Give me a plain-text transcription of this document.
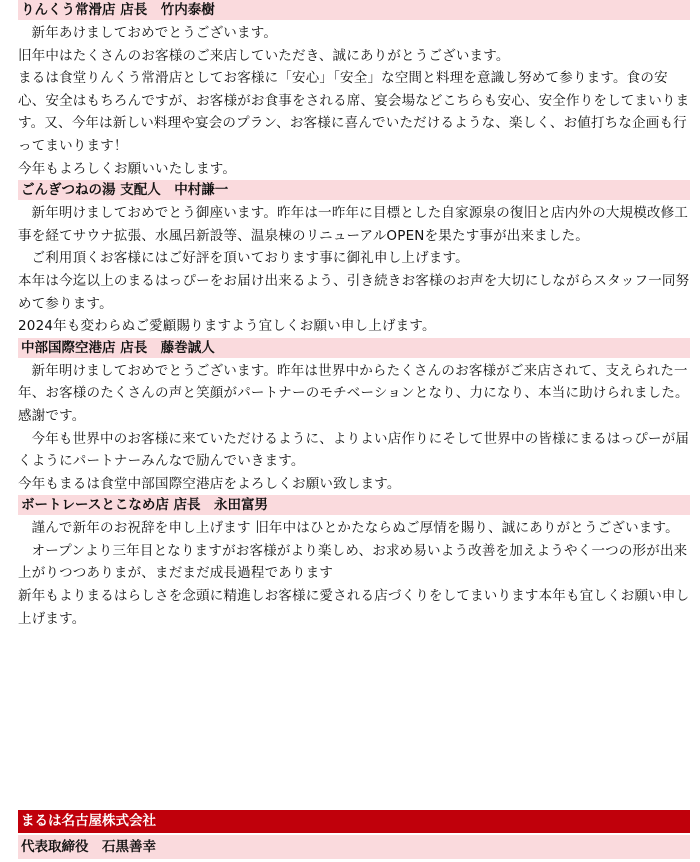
りんくう常滑店 店長　竹内泰樹

新年あけましておめでとうございます。

旧年中はたくさんのお客様のご来店していただき、誠にありがとうございます。

まるは食堂りんくう常滑店としてお客様に「安心」「安全」な空間と料理を意識し努めて参ります。食の安心、安全はもちろんですが、お客様がお食事をされる席、宴会場などこちらも安心、安全作りをしてまいります。又、今年は新しい料理や宴会のプラン、お客様に喜んでいただけるような、楽しく、お値打ちな企画も行ってまいります！

今年もよろしくお願いいたします。

ごんぎつねの湯 支配人　中村謙一

新年明けましておめでとう御座います。昨年は一昨年に目標とした自家源泉の復旧と店内外の大規模改修工事を経てサウナ拡張、水風呂新設等、温泉棟のリニューアルOPENを果たす事が出来ました。

ご利用頂くお客様にはご好評を頂いております事に御礼申し上げます。

本年は今迄以上のまるはっぴーをお届け出来るよう、引き続きお客様のお声を大切にしながらスタッフ一同努めて参ります。

2024年も変わらぬご愛顧賜りますよう宜しくお願い申し上げます。

中部国際空港店 店長　藤巻誠人

新年明けましておめでとうございます。昨年は世界中からたくさんのお客様がご来店されて、支えられた一年、お客様のたくさんの声と笑顔がパートナーのモチベーションとなり、力になり、本当に助けられました。感謝です。

今年も世界中のお客様に来ていただけるように、よりよい店作りにそして世界中の皆様にまるはっぴーが届くようにパートナーみんなで励んでいきます。

今年もまるは食堂中部国際空港店をよろしくお願い致します。

ボートレースとこなめ店 店長　永田富男

謹んで新年のお祝辞を申し上げます 旧年中はひとかたならぬご厚情を賜り、誠にありがとうございます。

オープンより三年目となりますがお客様がより楽しめ、お求め易いよう改善を加えようやく一つの形が出来上がりつつありまが、まだまだ成長過程であります

新年もよりまるはらしさを念頭に精進しお客様に愛される店づくりをしてまいります本年も宜しくお願い申し上げます。

まるは名古屋株式会社
代表取締役　石黒善幸
